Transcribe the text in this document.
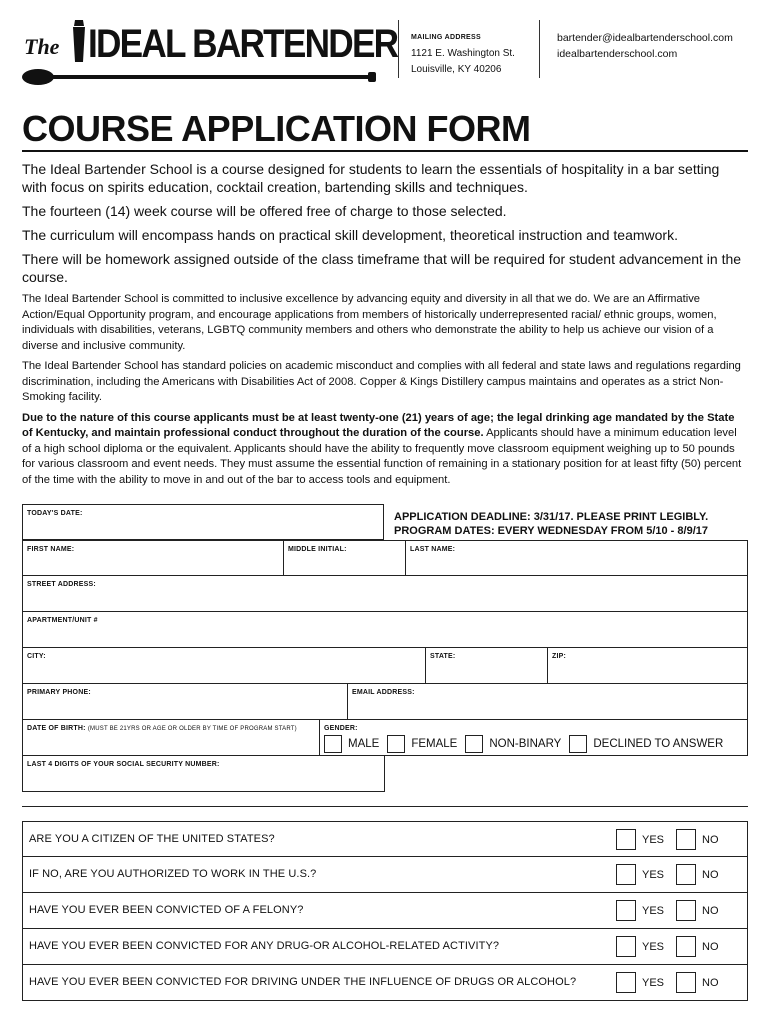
The IDEAL BARTENDER MAILING ADDRESS
1121 E. Washington St.
Louisville, KY 40206
bartender@idealbartenderschool.com
idealbartenderschool.com
COURSE APPLICATION FORM

The Ideal Bartender School is a course designed for students to learn the essentials of hospitality in a bar setting with focus on spirits education, cocktail creation, bartending skills and techniques.

The fourteen (14) week course will be offered free of charge to those selected.

The curriculum will encompass hands on practical skill development, theoretical instruction and teamwork.

There will be homework assigned outside of the class timeframe that will be required for student advancement in the course.

The Ideal Bartender School is committed to inclusive excellence by advancing equity and diversity in all that we do. We are an Affirmative Action/Equal Opportunity program, and encourage applications from members of historically underrepresented racial/ ethnic groups, women, individuals with disabilities, veterans, LGBTQ community members and others who demonstrate the ability to help us achieve our vision of a diverse and inclusive community.

The Ideal Bartender School has standard policies on academic misconduct and complies with all federal and state laws and regulations regarding discrimination, including the Americans with Disabilities Act of 2008. Copper & Kings Distillery campus maintains and operates as a strict Non-Smoking facility.

Due to the nature of this course applicants must be at least twenty-one (21) years of age; the legal drinking age mandated by the State of Kentucky, and maintain professional conduct throughout the duration of the course. Applicants should have a minimum education level of a high school diploma or the equivalent. Applicants should have the ability to frequently move classroom equipment weighing up to 50 pounds for various classroom and event needs. They must assume the essential function of remaining in a stationary position for at least fifty (50) percent of the time with the ability to move in and out of the bar to access tools and equipment.

TODAY'S DATE:	APPLICATION DEADLINE: 3/31/17. PLEASE PRINT LEGIBLY.
PROGRAM DATES: EVERY WEDNESDAY FROM 5/10 - 8/9/17
FIRST NAME:	MIDDLE INITIAL:	LAST NAME:
STREET ADDRESS:
APARTMENT/UNIT #
CITY:	STATE:	ZIP:
PRIMARY PHONE:	EMAIL ADDRESS:
DATE OF BIRTH: (MUST BE 21YRS OR AGE OR OLDER BY TIME OF PROGRAM START)	GENDER:
MALE	FEMALE	NON-BINARY	DECLINED TO ANSWER
LAST 4 DIGITS OF YOUR SOCIAL SECURITY NUMBER:
ARE YOU A CITIZEN OF THE UNITED STATES?	YES	NO
IF NO, ARE YOU AUTHORIZED TO WORK IN THE U.S.?	YES	NO
HAVE YOU EVER BEEN CONVICTED OF A FELONY?	YES	NO
HAVE YOU EVER BEEN CONVICTED FOR ANY DRUG-OR ALCOHOL-RELATED ACTIVITY?	YES	NO
HAVE YOU EVER BEEN CONVICTED FOR DRIVING UNDER THE INFLUENCE OF DRUGS OR ALCOHOL?	YES	NO
